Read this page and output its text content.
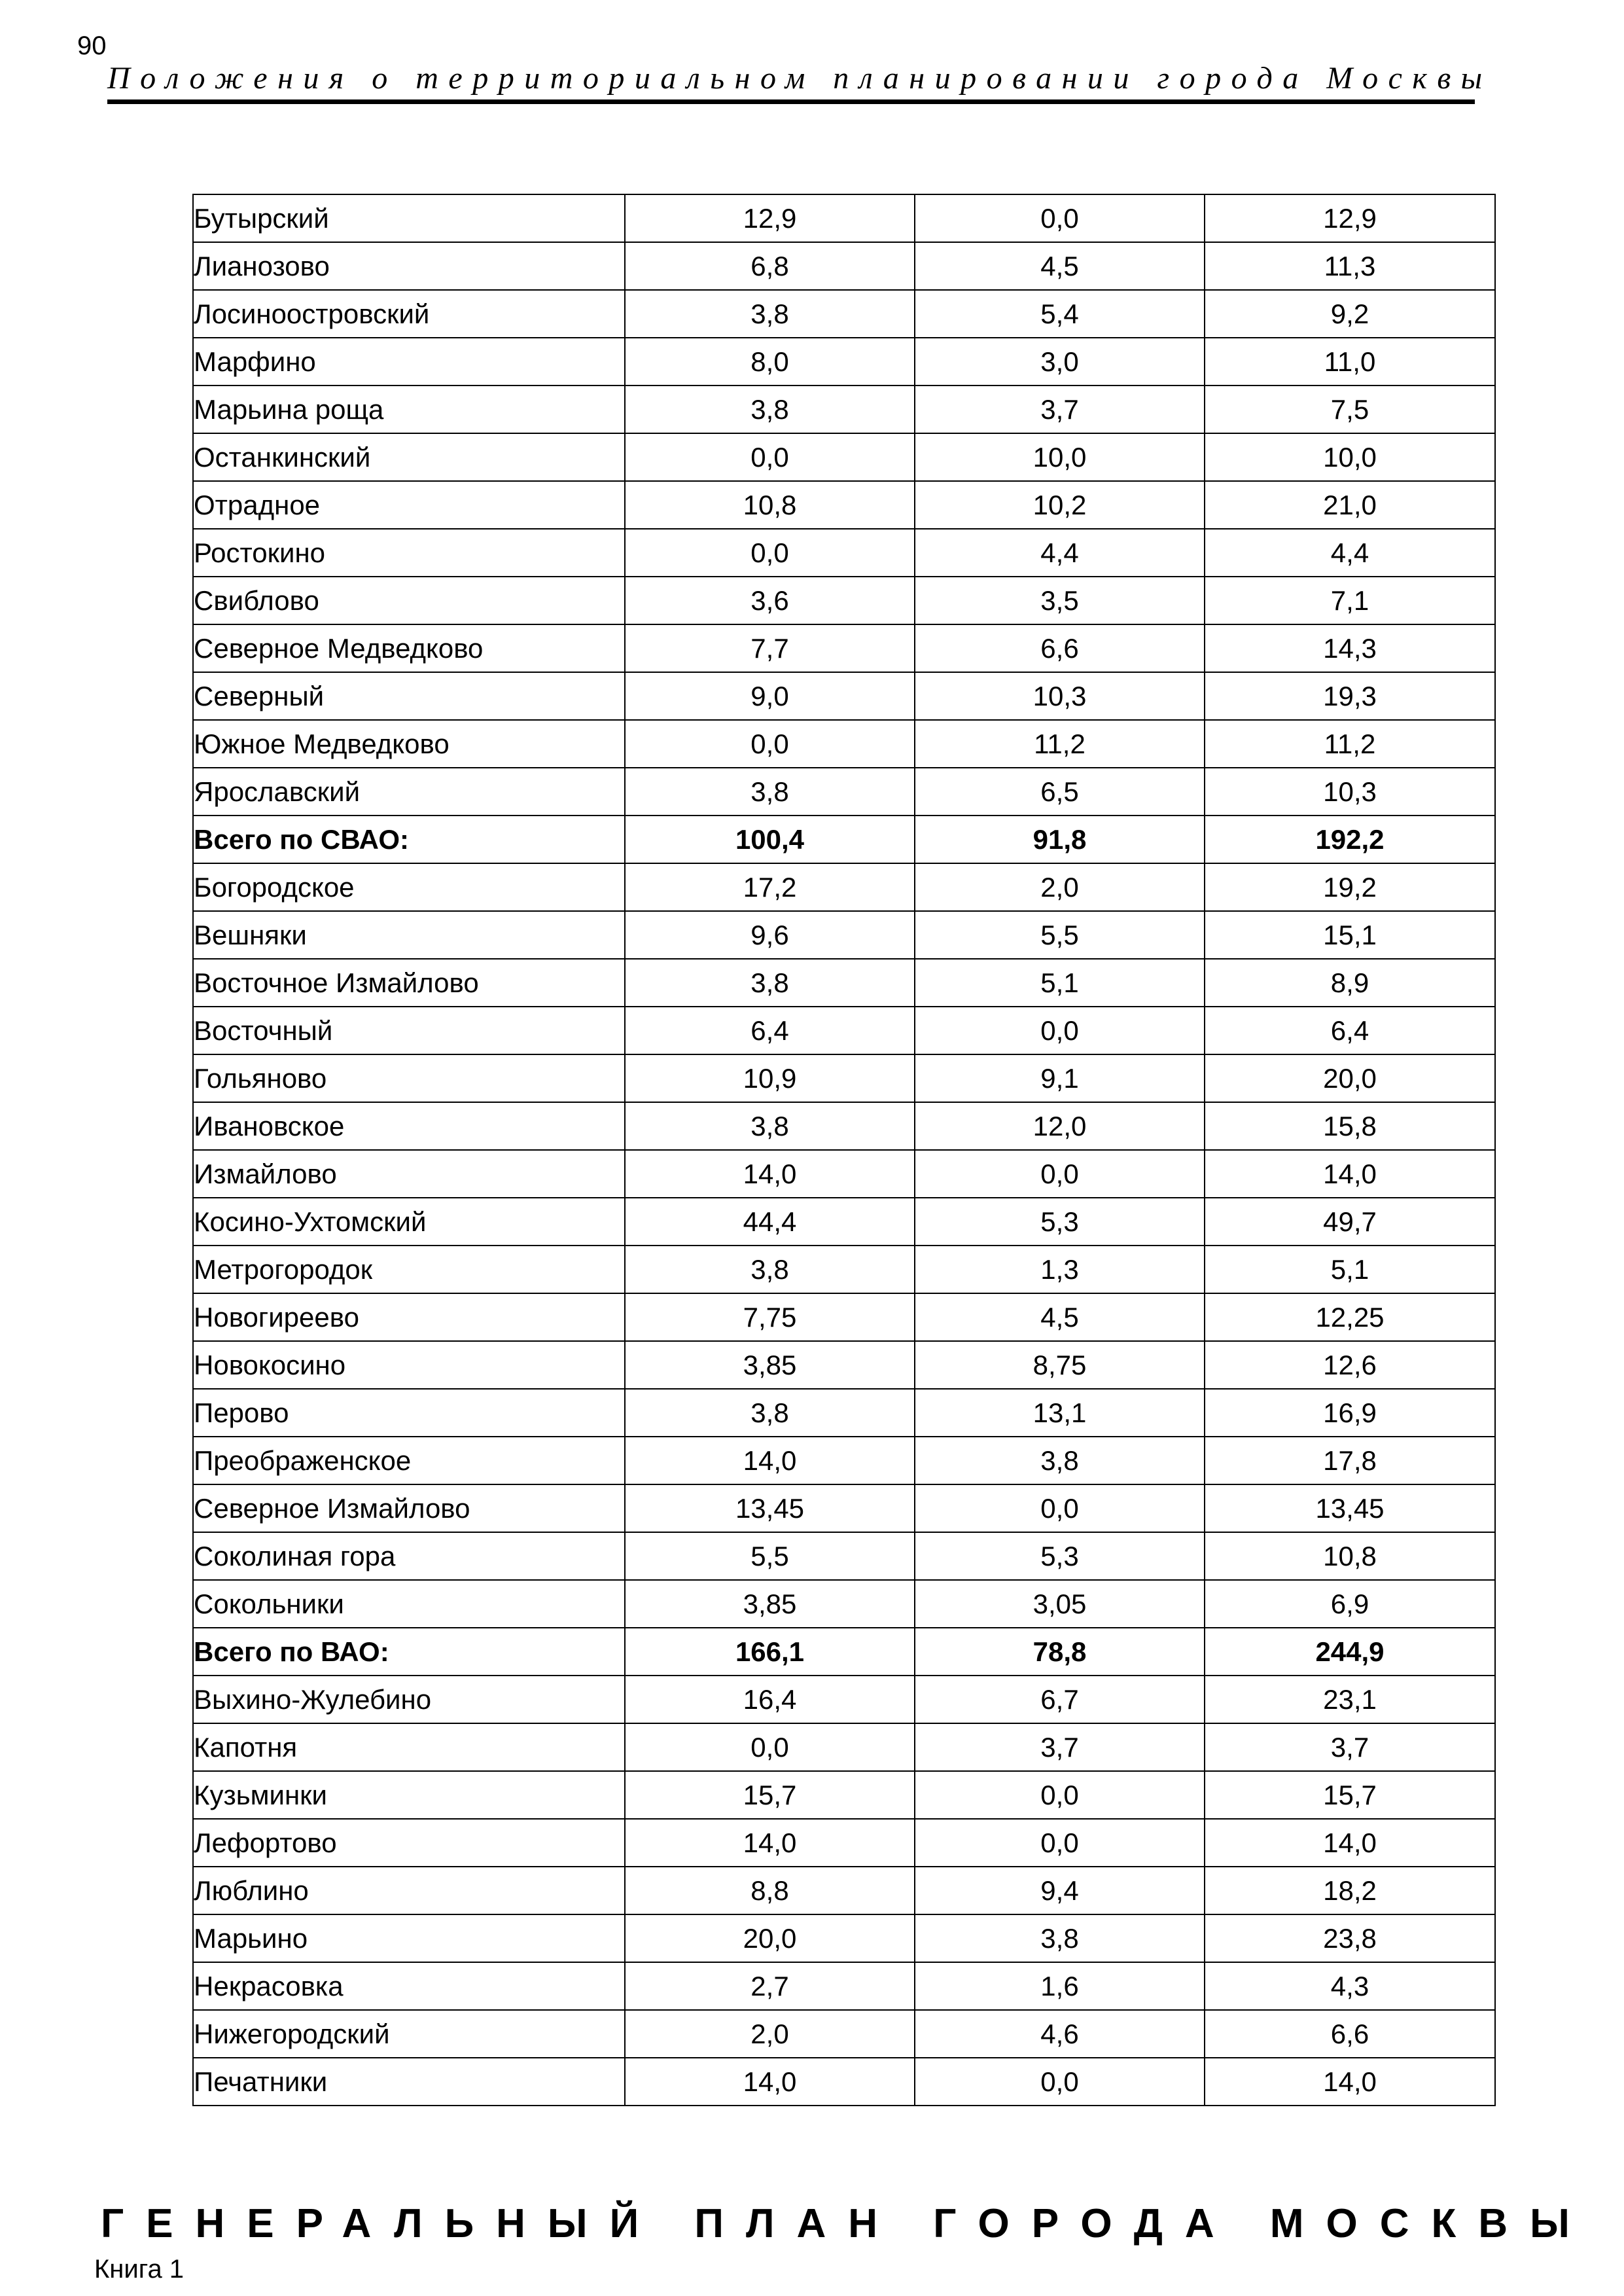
90
Положения о территориальном планировании города Москвы
Бутырский	12,9	0,0	12,9
Лианозово	6,8	4,5	11,3
Лосиноостровский	3,8	5,4	9,2
Марфино	8,0	3,0	11,0
Марьина роща	3,8	3,7	7,5
Останкинский	0,0	10,0	10,0
Отрадное	10,8	10,2	21,0
Ростокино	0,0	4,4	4,4
Свиблово	3,6	3,5	7,1
Северное Медведково	7,7	6,6	14,3
Северный	9,0	10,3	19,3
Южное Медведково	0,0	11,2	11,2
Ярославский	3,8	6,5	10,3
Всего по СВАО:	100,4	91,8	192,2
Богородское	17,2	2,0	19,2
Вешняки	9,6	5,5	15,1
Восточное Измайлово	3,8	5,1	8,9
Восточный	6,4	0,0	6,4
Гольяново	10,9	9,1	20,0
Ивановское	3,8	12,0	15,8
Измайлово	14,0	0,0	14,0
Косино-Ухтомский	44,4	5,3	49,7
Метрогородок	3,8	1,3	5,1
Новогиреево	7,75	4,5	12,25
Новокосино	3,85	8,75	12,6
Перово	3,8	13,1	16,9
Преображенское	14,0	3,8	17,8
Северное Измайлово	13,45	0,0	13,45
Соколиная гора	5,5	5,3	10,8
Сокольники	3,85	3,05	6,9
Всего по ВАО:	166,1	78,8	244,9
Выхино-Жулебино	16,4	6,7	23,1
Капотня	0,0	3,7	3,7
Кузьминки	15,7	0,0	15,7
Лефортово	14,0	0,0	14,0
Люблино	8,8	9,4	18,2
Марьино	20,0	3,8	23,8
Некрасовка	2,7	1,6	4,3
Нижегородский	2,0	4,6	6,6
Печатники	14,0	0,0	14,0
ГЕНЕРАЛЬНЫЙ ПЛАН ГОРОДА МОСКВЫ
Книга 1
